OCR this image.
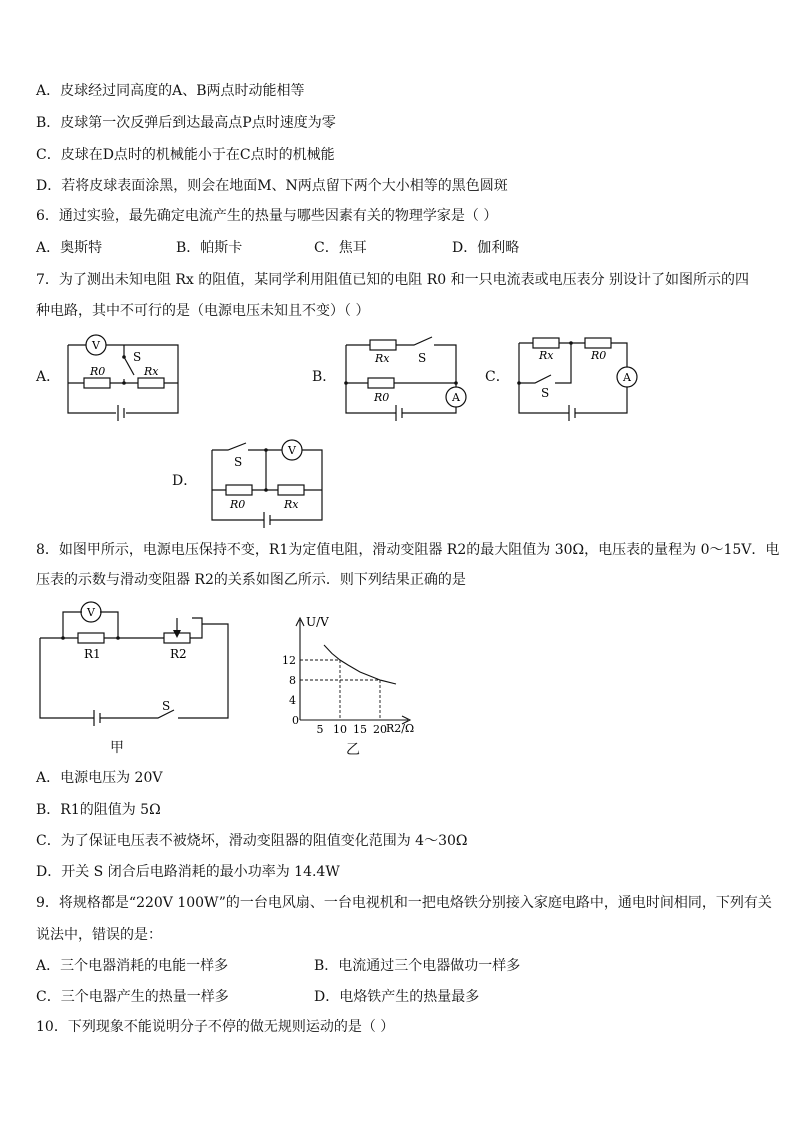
A．皮球经过同高度的A、B两点时动能相等
B．皮球第一次反弹后到达最高点P点时速度为零
C．皮球在D点时的机械能小于在C点时的机械能
D．若将皮球表面涂黑，则会在地面M、N两点留下两个大小相等的黑色圆斑
6．通过实验，最先确定电流产生的热量与哪些因素有关的物理学家是（ ）
A．奥斯特	B．帕斯卡	C．焦耳	D．伽利略
7．为了测出未知电阻 Rx 的阻值，某同学利用阻值已知的电阻 R0 和一只电流表或电压表分 别设计了如图所示的四
种电路，其中不可行的是（电源电压未知且不变）（ ）
A．	B．	C．
D．
V
S
R0	Rx
A
Rx S
R0
A
Rx	R0
S
V
S
R0	Rx
8．如图甲所示，电源电压保持不变，R1为定值电阻，滑动变阻器 R2的最大阻值为 30Ω，电压表的量程为 0～15V．电
压表的示数与滑动变阻器 R2的关系如图乙所示．则下列结果正确的是
V
R1	R2
S
甲
5 10 15 20
4
8
12
U/V
R2/Ω
0
乙
A．电源电压为 20V
B．R1的阻值为 5Ω
C．为了保证电压表不被烧坏，滑动变阻器的阻值变化范围为 4～30Ω
D．开关 S 闭合后电路消耗的最小功率为 14.4W
9．将规格都是“220V 100W”的一台电风扇、一台电视机和一把电烙铁分别接入家庭电路中，通电时间相同，下列有关
说法中，错误的是：
A．三个电器消耗的电能一样多	B．电流通过三个电器做功一样多
C．三个电器产生的热量一样多	D．电烙铁产生的热量最多
10．下列现象不能说明分子不停的做无规则运动的是（ ）
